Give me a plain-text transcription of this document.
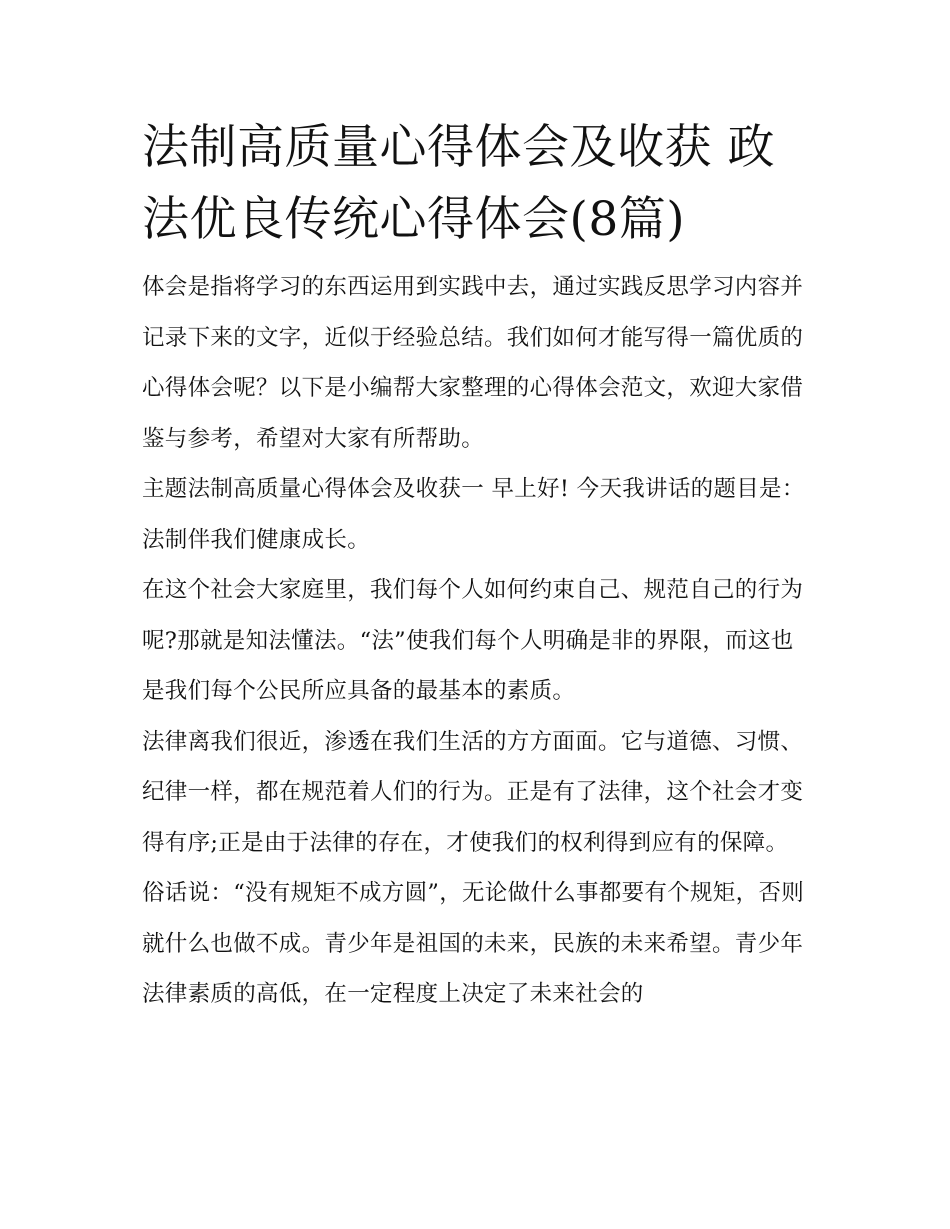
法制高质量心得体会及收获 政法优良传统心得体会(8篇)

体会是指将学习的东西运用到实践中去，通过实践反思学习内容并记录下来的文字，近似于经验总结。我们如何才能写得一篇优质的心得体会呢？以下是小编帮大家整理的心得体会范文，欢迎大家借鉴与参考，希望对大家有所帮助。

主题法制高质量心得体会及收获一 早上好! 今天我讲话的题目是：法制伴我们健康成长。

在这个社会大家庭里，我们每个人如何约束自己、规范自己的行为呢?那就是知法懂法。“法”使我们每个人明确是非的界限，而这也是我们每个公民所应具备的最基本的素质。

法律离我们很近，渗透在我们生活的方方面面。它与道德、习惯、纪律一样，都在规范着人们的行为。正是有了法律，这个社会才变得有序;正是由于法律的存在，才使我们的权利得到应有的保障。

俗话说：“没有规矩不成方圆”，无论做什么事都要有个规矩，否则就什么也做不成。青少年是祖国的未来，民族的未来希望。青少年法律素质的高低，在一定程度上决定了未来社会的
